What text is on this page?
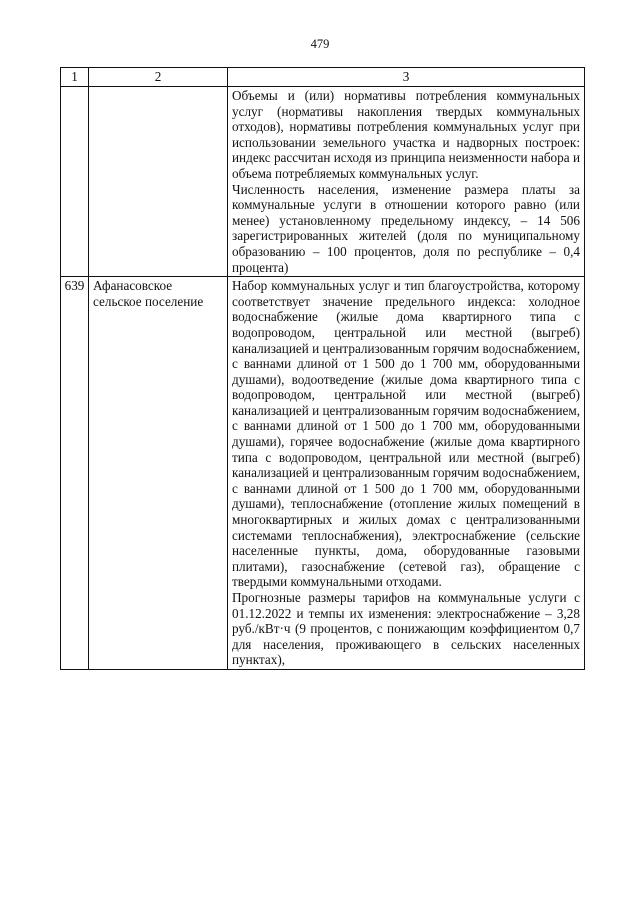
479
1	2	3

		Объемы и (или) нормативы потребления коммунальных услуг (нормативы накопления твердых коммунальных отходов), нормативы потребления коммунальных услуг при использовании земельного участка и надворных построек: индекс рассчитан исходя из принципа неизменности набора и объема потребляемых коммунальных услуг.

Численность населения, изменение размера платы за коммунальные услуги в отношении которого равно (или менее) установленному предельному индексу, – 14 506 зарегистрированных жителей (доля по муниципальному образованию – 100 процентов, доля по республике – 0,4 процента)

639	Афанасовское сельское поселение	Набор коммунальных услуг и тип благоустройства, которому соответствует значение предельного индекса: холодное водоснабжение (жилые дома квартирного типа с водопроводом, центральной или местной (выгреб) канализацией и централизованным горячим водоснабжением, с ваннами длиной от 1 500 до 1 700 мм, оборудованными душами), водоотведение (жилые дома квартирного типа с водопроводом, центральной или местной (выгреб) канализацией и централизованным горячим водоснабжением, с ваннами длиной от 1 500 до 1 700 мм, оборудованными душами), горячее водоснабжение (жилые дома квартирного типа с водопроводом, центральной или местной (выгреб) канализацией и централизованным горячим водоснабжением, с ваннами длиной от 1 500 до 1 700 мм, оборудованными душами), теплоснабжение (отопление жилых помещений в многоквартирных и жилых домах с централизованными системами теплоснабжения), электроснабжение (сельские населенные пункты, дома, оборудованные газовыми плитами), газоснабжение (сетевой газ), обращение с твердыми коммунальными отходами.

Прогнозные размеры тарифов на коммунальные услуги с 01.12.2022 и темпы их изменения: электроснабжение – 3,28 руб./кВт·ч (9 процентов, с понижающим коэффициентом 0,7 для населения, проживающего в сельских населенных пунктах),
